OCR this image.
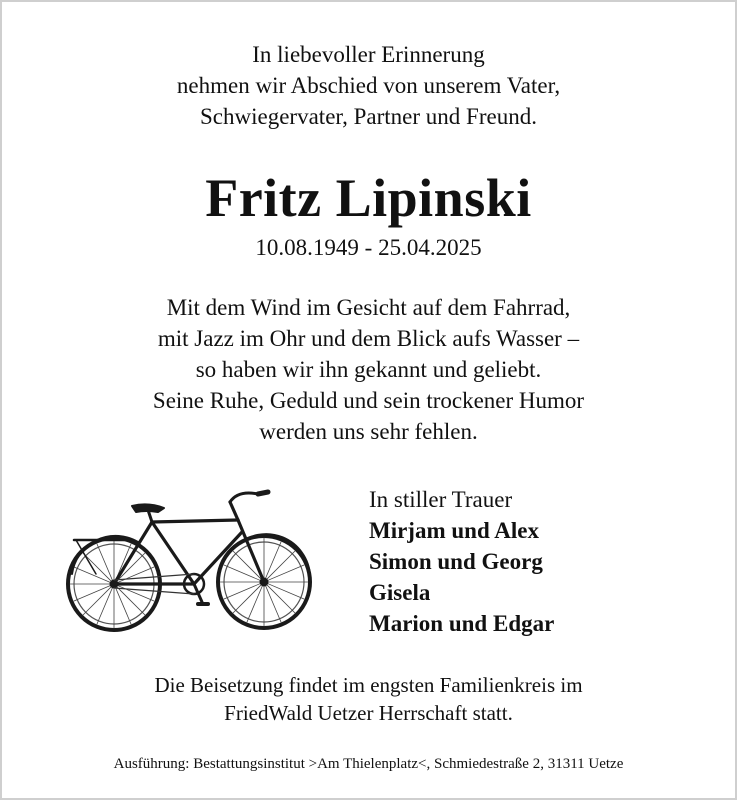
In liebevoller Erinnerung
nehmen wir Abschied von unserem Vater,
Schwiegervater, Partner und Freund.
Fritz Lipinski
10.08.1949 - 25.04.2025
Mit dem Wind im Gesicht auf dem Fahrrad,
mit Jazz im Ohr und dem Blick aufs Wasser –
so haben wir ihn gekannt und geliebt.
Seine Ruhe, Geduld und sein trockener Humor
werden uns sehr fehlen.
In stiller Trauer
Mirjam und Alex
Simon und Georg
Gisela
Marion und Edgar
Die Beisetzung findet im engsten Familienkreis im
FriedWald Uetzer Herrschaft statt.
Ausführung: Bestattungsinstitut >Am Thielenplatz<, Schmiedestraße 2, 31311 Uetze
